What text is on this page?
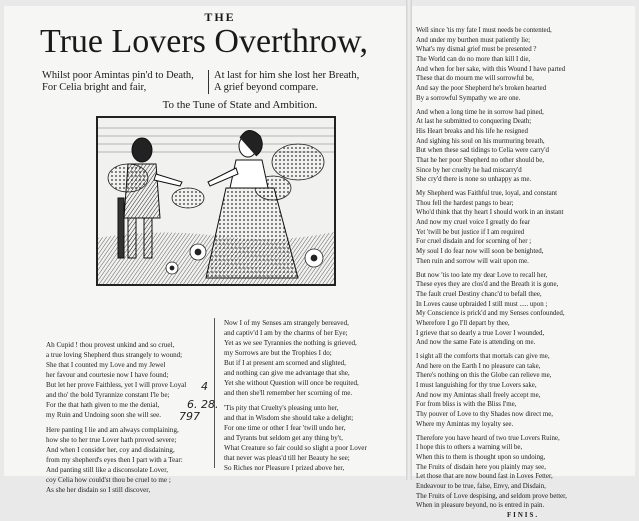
THE
True Lovers Overthrow,
Whilst poor Amintas pin'd to Death,
For Celia bright and fair,
At last for him she lost her Breath,
A grief beyond compare.
To the Tune of State and Ambition.
Ah Cupid ! thou provest unkind and so cruel,
a true loving Shepherd thus strangely to wound;
She that I counted my Love and my Jewel
her favour and courtesie now I have found;
But let her prove Faithless, yet I will prove Loyal
and tho' the bold Tyrannize constant I'le be;
For the that hath given to me the denial,
my Ruin and Undoing soon she will see.
Here panting I lie and am always complaining,
how she to her true Lover hath proved severe;
And when I consider her, coy and disdaining,
from my shepherd's eyes then I part with a Tear:
And panting still like a disconsolate Lover,
coy Celia how could'st thou be cruel to me ;
As she her disdain so I still discover,
Now I of my Senses am strangely bereaved,
and captiv'd I am by the charms of her Eye;
Yet as we see Tyrannies the nothing is grieved,
my Sorrows are but the Trophies I do;
But if I at present am scorned and slighted,
and nothing can give me advantage that she,
Yet she without Question will once be requited,
and then she'll remember her scorning of me.
'Tis pity that Cruelty's pleasing unto her,
and that in Wisdom she should take a delight;
For one time or other I fear 'twill undo her,
and Tyrants but seldom get any thing by't,
What Creature so fair could so slight a poor Lover
that never was pleas'd till her Beauty he see;
So Riches nor Pleasure I prized above her,
6. 28.
4
797
Well since 'tis my fate I must needs be contented,
And under my burthen must patiently lie;
What's my dismal grief must be presented ?
The World can do no more than kill I die,
And when for her sake, with this Wound I have parted
These that do mourn me will sorrowful be,
And say the poor Shepherd he's broken hearted
By a sorrowful Sympathy we are one.
And when a long time he in sorrow had pined,
At last he submitted to conquering Death;
His Heart breaks and his life he resigned
And sighing his soul on his murmuring breath,
But when these sad tidings to Celia were carry'd
That he her poor Shepherd no other should be,
Since by her cruelty he had miscarry'd
She cry'd there is none so unhappy as me.
My Shepherd was Faithful true, loyal, and constant
Thou fell the hardest pangs to bear;
Who'd think that thy heart I should work in an instant
And now my cruel voice I greatly do fear
Yet 'twill be but justice if I am required
For cruel disdain and for scorning of her ;
My soul I do fear now will soon be benighted,
Then ruin and sorrow will wait upon me.
But now 'tis too late my dear Love to recall her,
These eyes they are clos'd and the Breath it is gone,
The fault cruel Destiny chanc'd to befall thee,
In Loves cause upbraided I still must ..... upon ;
My Conscience is prick'd and my Senses confounded,
Wherefore I go I'll depart by thee,
I grieve that so dearly a true Lover I wounded,
And now the same Fate is attending on me.
I sight all the comforts that mortals can give me,
And here on the Earth I no pleasure can take,
There's nothing on this the Globe can relieve me,
I must languishing for thy true Lovers sake,
And now my Amintas shall freely accept me,
For from bliss is with the Bliss I'me,
Thy pouver of Love to thy Shades now direct me,
Where my Amintas my loyalty see.
Therefore you have heard of two true Lovers Ruine,
I hope this to others a warning will be,
When this to them is thought upon so undoing,
The Fruits of disdain here you plainly may see,
Let those that are now bound fast in Loves Fetter,
Endeavour to be true, false, Envy, and Disdain,
The Fruits of Love despising, and seldom prove better,
When in pleasure beyond, no is entred in pain.
FINIS.
